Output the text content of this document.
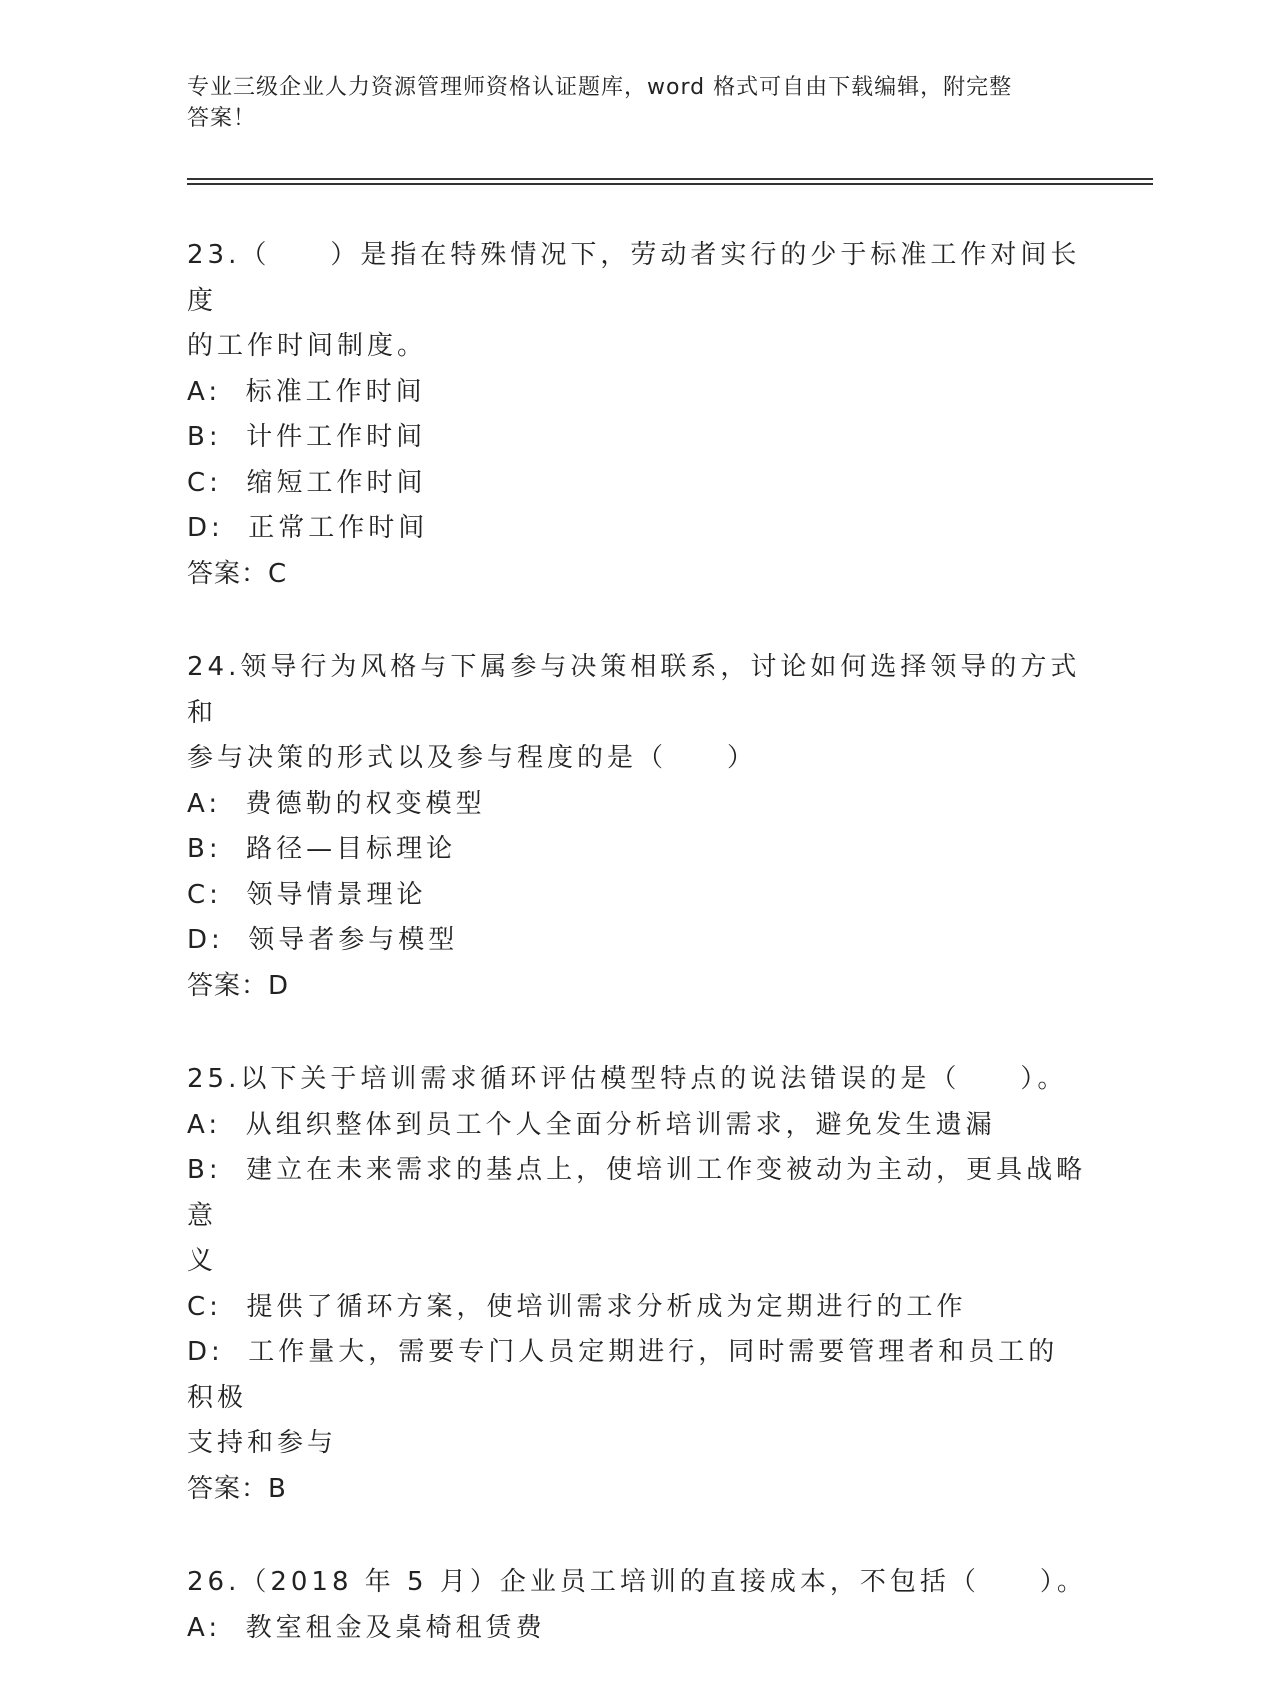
专业三级企业人力资源管理师资格认证题库，word 格式可自由下载编辑，附完整
答案！
23.（　　）是指在特殊情况下，劳动者实行的少于标准工作对间长度
的工作时间制度。
A:  标准工作时间
B:  计件工作时间
C:  缩短工作时间
D:  正常工作时间
答案：C
24.领导行为风格与下属参与决策相联系，讨论如何选择领导的方式和
参与决策的形式以及参与程度的是（　　）
A:  费德勒的权变模型
B:  路径—目标理论
C:  领导情景理论
D:  领导者参与模型
答案：D
25.以下关于培训需求循环评估模型特点的说法错误的是（　　）。
A:  从组织整体到员工个人全面分析培训需求，避免发生遗漏
B:  建立在未来需求的基点上，使培训工作变被动为主动，更具战略意
义
C:  提供了循环方案，使培训需求分析成为定期进行的工作
D:  工作量大，需要专门人员定期进行，同时需要管理者和员工的积极
支持和参与
答案：B
26.（2018 年 5 月）企业员工培训的直接成本，不包括（　　）。
A:  教室租金及桌椅租赁费
